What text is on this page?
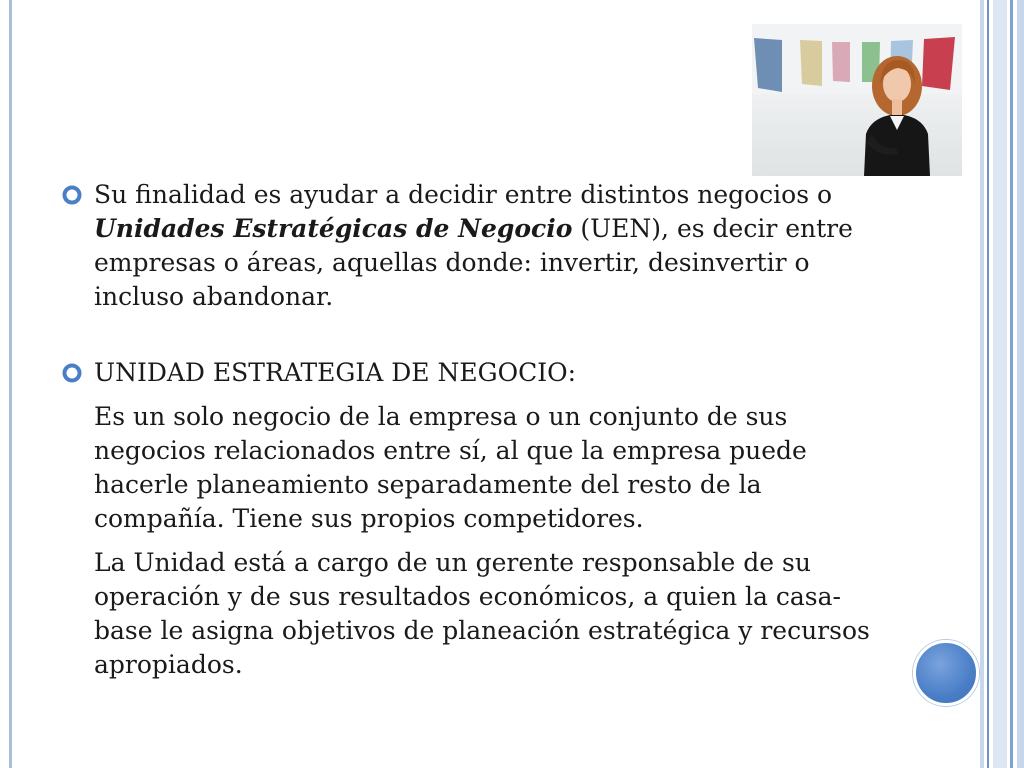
Su finalidad es ayudar a decidir entre distintos negocios o Unidades Estratégicas de Negocio (UEN), es decir entre empresas o áreas, aquellas donde: invertir, desinvertir o incluso abandonar.

UNIDAD ESTRATEGIA DE NEGOCIO:

Es un solo negocio de la empresa o un conjunto de sus negocios relacionados entre sí, al que la empresa puede hacerle planeamiento separadamente del resto de la compañía. Tiene sus propios competidores.

La Unidad está a cargo de un gerente responsable de su operación y de sus resultados económicos, a quien la casa-base le asigna objetivos de planeación estratégica y recursos apropiados.
